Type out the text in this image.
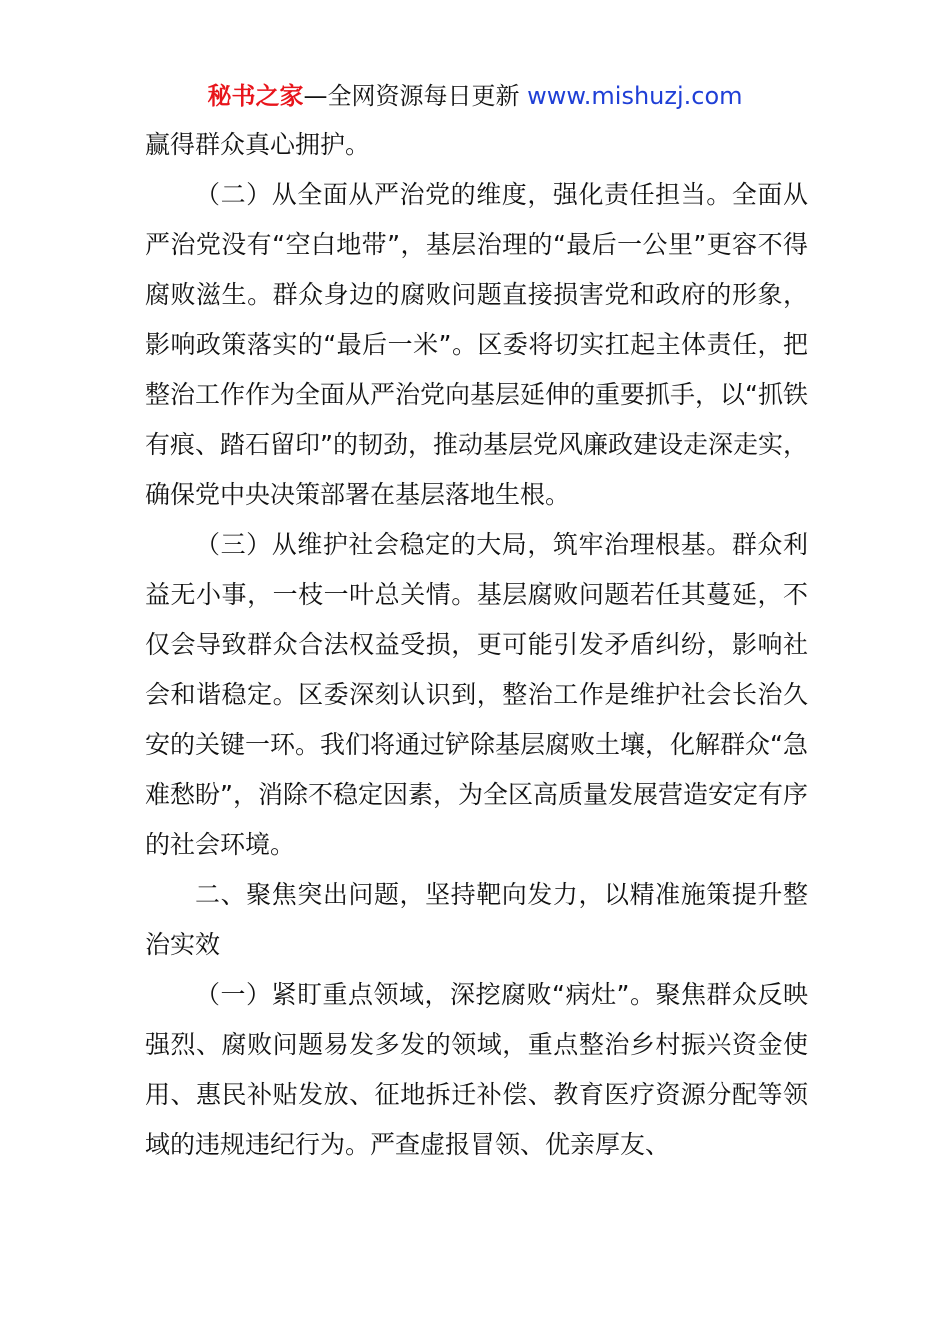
秘书之家—全网资源每日更新 www.mishuzj.com

赢得群众真心拥护。

（二）从全面从严治党的维度，强化责任担当。全面从严治党没有“空白地带”，基层治理的“最后一公里”更容不得腐败滋生。群众身边的腐败问题直接损害党和政府的形象，影响政策落实的“最后一米”。区委将切实扛起主体责任，把整治工作作为全面从严治党向基层延伸的重要抓手，以“抓铁有痕、踏石留印”的韧劲，推动基层党风廉政建设走深走实，确保党中央决策部署在基层落地生根。

（三）从维护社会稳定的大局，筑牢治理根基。群众利益无小事，一枝一叶总关情。基层腐败问题若任其蔓延，不仅会导致群众合法权益受损，更可能引发矛盾纠纷，影响社会和谐稳定。区委深刻认识到，整治工作是维护社会长治久安的关键一环。我们将通过铲除基层腐败土壤，化解群众“急难愁盼”，消除不稳定因素，为全区高质量发展营造安定有序的社会环境。

二、聚焦突出问题，坚持靶向发力，以精准施策提升整治实效

（一）紧盯重点领域，深挖腐败“病灶”。聚焦群众反映强烈、腐败问题易发多发的领域，重点整治乡村振兴资金使用、惠民补贴发放、征地拆迁补偿、教育医疗资源分配等领域的违规违纪行为。严查虚报冒领、优亲厚友、
